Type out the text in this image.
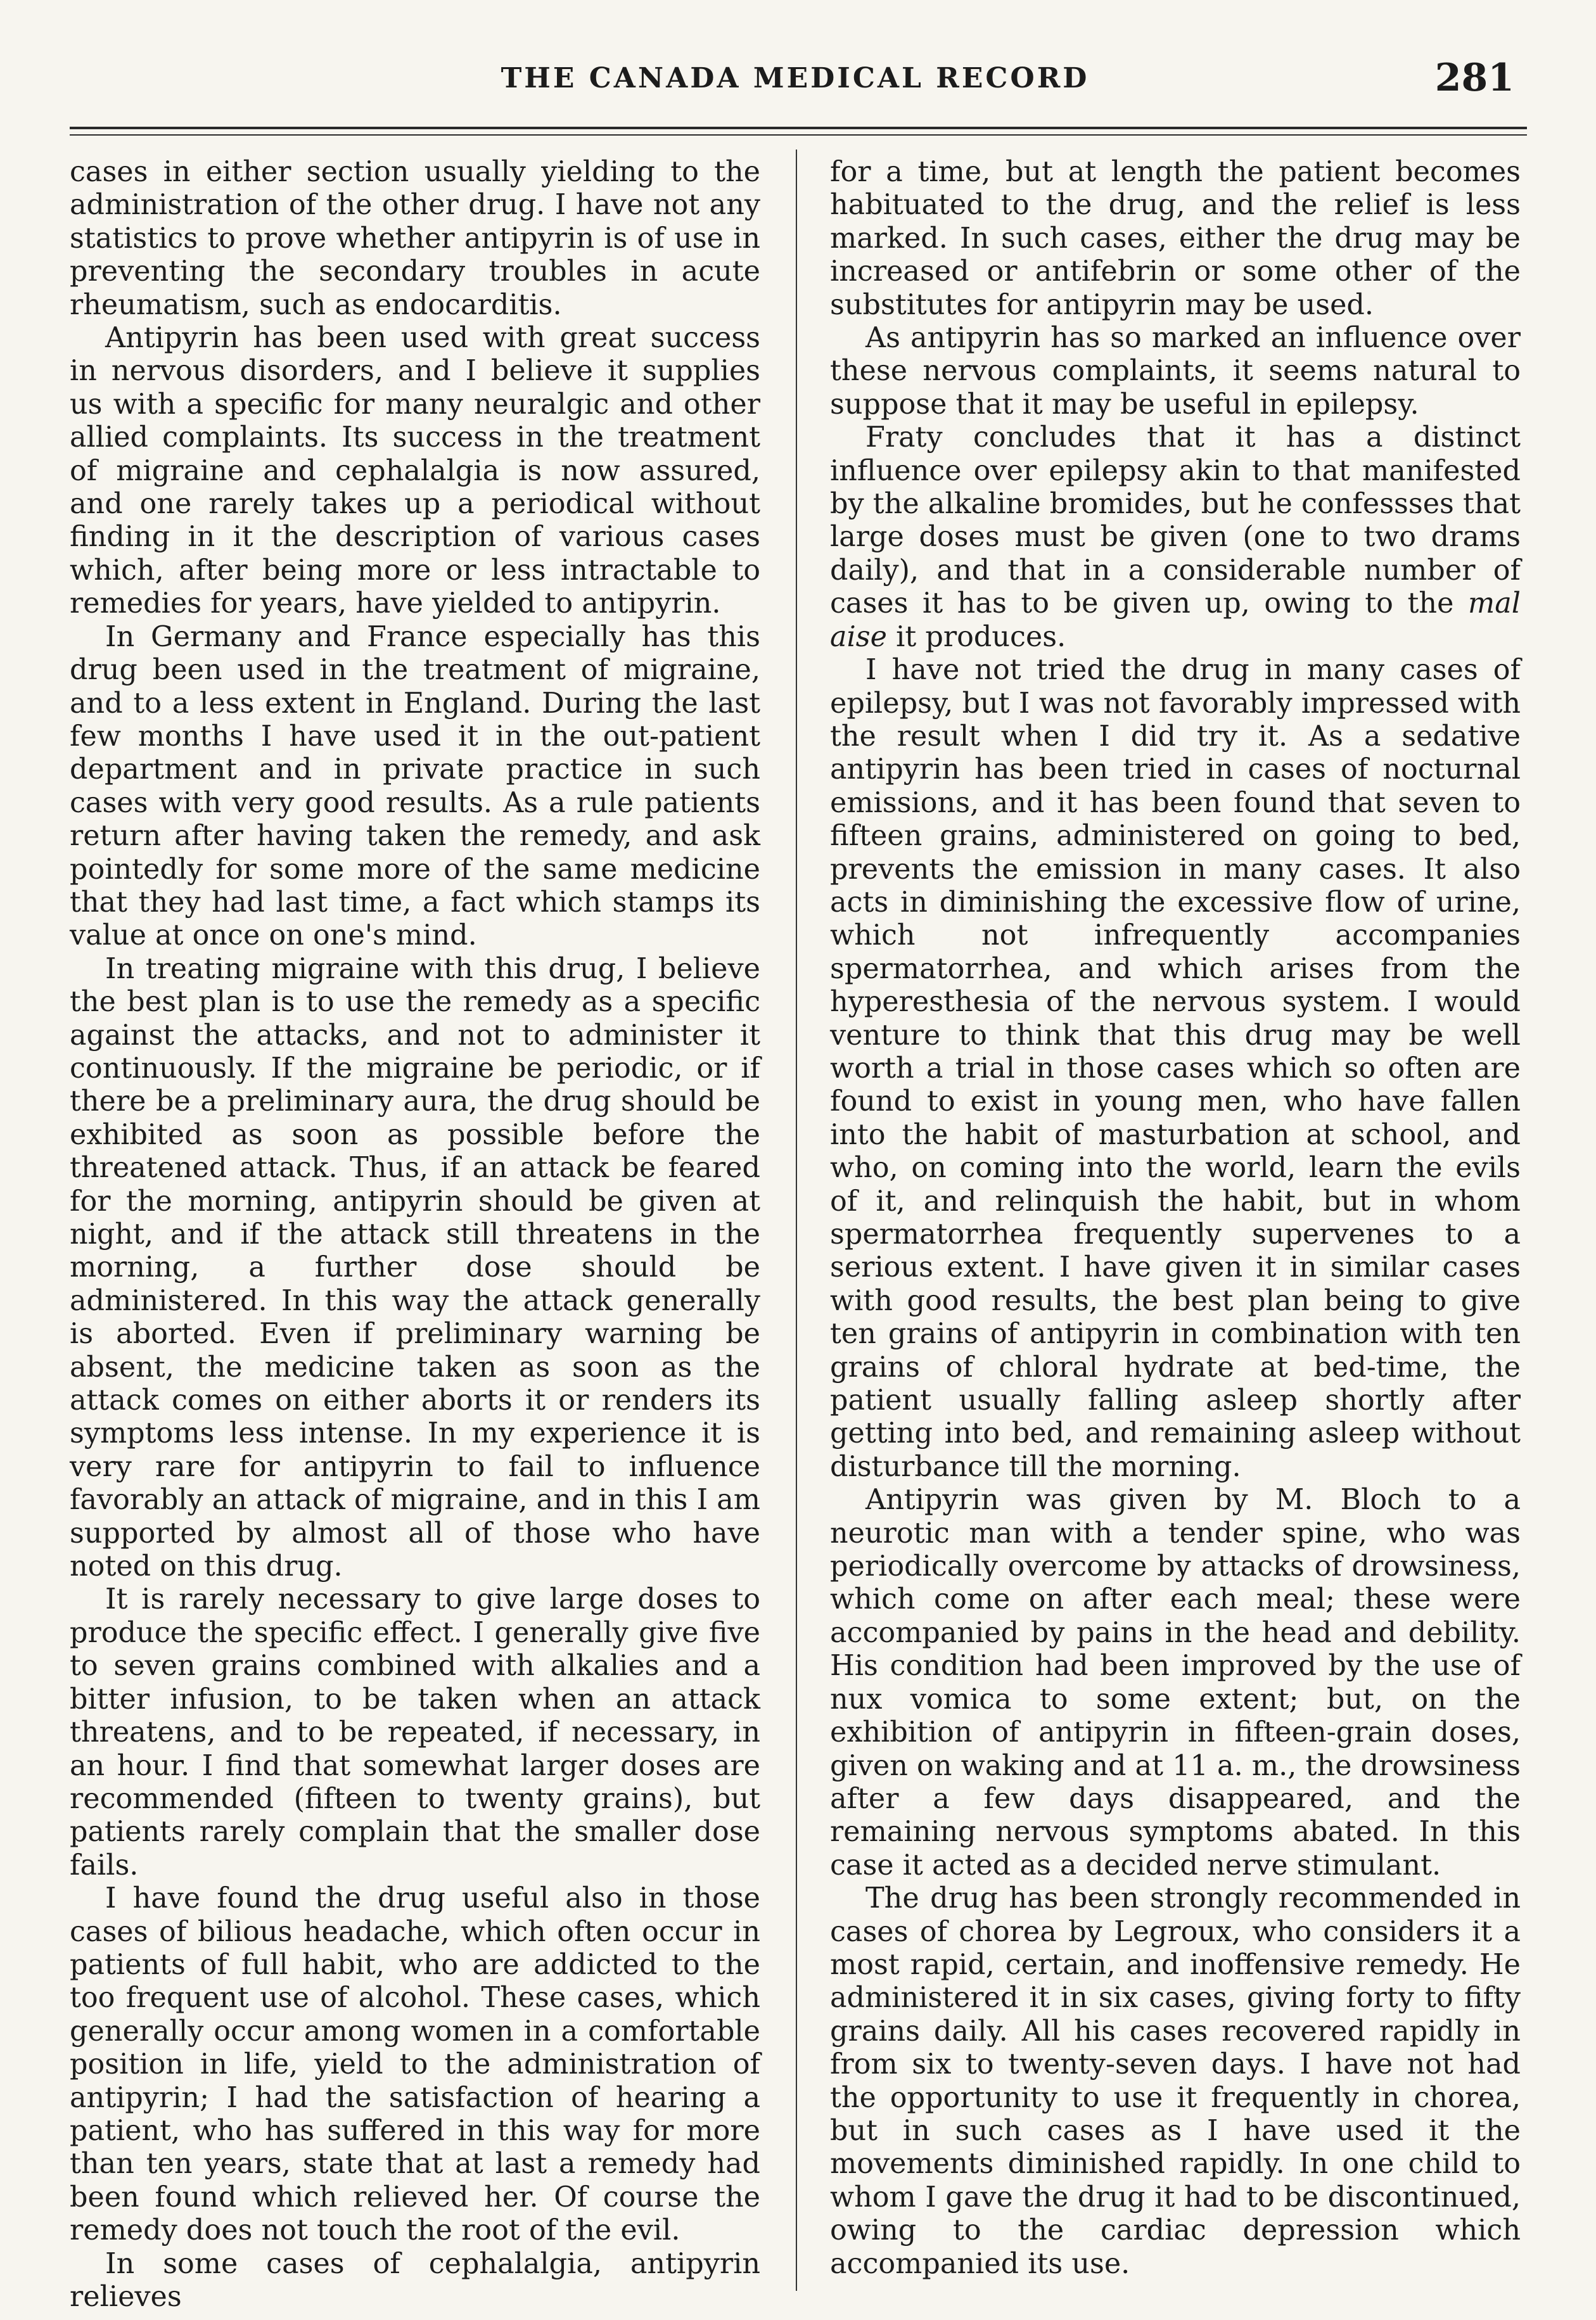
THE CANADA MEDICAL RECORD	281

cases in either section usually yielding to the administration of the other drug. I have not any statistics to prove whether antipyrin is of use in preventing the secondary troubles in acute rheumatism, such as endocarditis.

Antipyrin has been used with great success in nervous disorders, and I believe it supplies us with a specific for many neuralgic and other allied complaints. Its success in the treatment of migraine and cephalalgia is now assured, and one rarely takes up a periodical without finding in it the description of various cases which, after being more or less intractable to remedies for years, have yielded to antipyrin.

In Germany and France especially has this drug been used in the treatment of migraine, and to a less extent in England. During the last few months I have used it in the out-patient department and in private practice in such cases with very good results. As a rule patients return after having taken the remedy, and ask pointedly for some more of the same medicine that they had last time, a fact which stamps its value at once on one's mind.

In treating migraine with this drug, I believe the best plan is to use the remedy as a specific against the attacks, and not to administer it continuously. If the migraine be periodic, or if there be a preliminary aura, the drug should be exhibited as soon as possible before the threatened attack. Thus, if an attack be feared for the morning, antipyrin should be given at night, and if the attack still threatens in the morning, a further dose should be administered. In this way the attack generally is aborted. Even if preliminary warning be absent, the medicine taken as soon as the attack comes on either aborts it or renders its symptoms less intense. In my experience it is very rare for antipyrin to fail to influence favorably an attack of migraine, and in this I am supported by almost all of those who have noted on this drug.

It is rarely necessary to give large doses to produce the specific effect. I generally give five to seven grains combined with alkalies and a bitter infusion, to be taken when an attack threatens, and to be repeated, if necessary, in an hour. I find that somewhat larger doses are recommended (fifteen to twenty grains), but patients rarely complain that the smaller dose fails.

I have found the drug useful also in those cases of bilious headache, which often occur in patients of full habit, who are addicted to the too frequent use of alcohol. These cases, which generally occur among women in a comfortable position in life, yield to the administration of antipyrin; I had the satisfaction of hearing a patient, who has suffered in this way for more than ten years, state that at last a remedy had been found which relieved her. Of course the remedy does not touch the root of the evil.

In some cases of cephalalgia, antipyrin relieves

for a time, but at length the patient becomes habituated to the drug, and the relief is less marked. In such cases, either the drug may be increased or antifebrin or some other of the substitutes for antipyrin may be used.

As antipyrin has so marked an influence over these nervous complaints, it seems natural to suppose that it may be useful in epilepsy.

Fraty concludes that it has a distinct influence over epilepsy akin to that manifested by the alkaline bromides, but he confessses that large doses must be given (one to two drams daily), and that in a considerable number of cases it has to be given up, owing to the mal aise it produces.

I have not tried the drug in many cases of epilepsy, but I was not favorably impressed with the result when I did try it. As a sedative antipyrin has been tried in cases of nocturnal emissions, and it has been found that seven to fifteen grains, administered on going to bed, prevents the emission in many cases. It also acts in diminishing the excessive flow of urine, which not infrequently accompanies spermatorrhea, and which arises from the hyperesthesia of the nervous system. I would venture to think that this drug may be well worth a trial in those cases which so often are found to exist in young men, who have fallen into the habit of masturbation at school, and who, on coming into the world, learn the evils of it, and relinquish the habit, but in whom spermatorrhea frequently supervenes to a serious extent. I have given it in similar cases with good results, the best plan being to give ten grains of antipyrin in combination with ten grains of chloral hydrate at bed-time, the patient usually falling asleep shortly after getting into bed, and remaining asleep without disturbance till the morning.

Antipyrin was given by M. Bloch to a neurotic man with a tender spine, who was periodically overcome by attacks of drowsiness, which come on after each meal; these were accompanied by pains in the head and debility. His condition had been improved by the use of nux vomica to some extent; but, on the exhibition of antipyrin in fifteen-grain doses, given on waking and at 11 a. m., the drowsiness after a few days disappeared, and the remaining nervous symptoms abated. In this case it acted as a decided nerve stimulant.

The drug has been strongly recommended in cases of chorea by Legroux, who considers it a most rapid, certain, and inoffensive remedy. He administered it in six cases, giving forty to fifty grains daily. All his cases recovered rapidly in from six to twenty-seven days. I have not had the opportunity to use it frequently in chorea, but in such cases as I have used it the movements diminished rapidly. In one child to whom I gave the drug it had to be discontinued, owing to the cardiac depression which accompanied its use.
